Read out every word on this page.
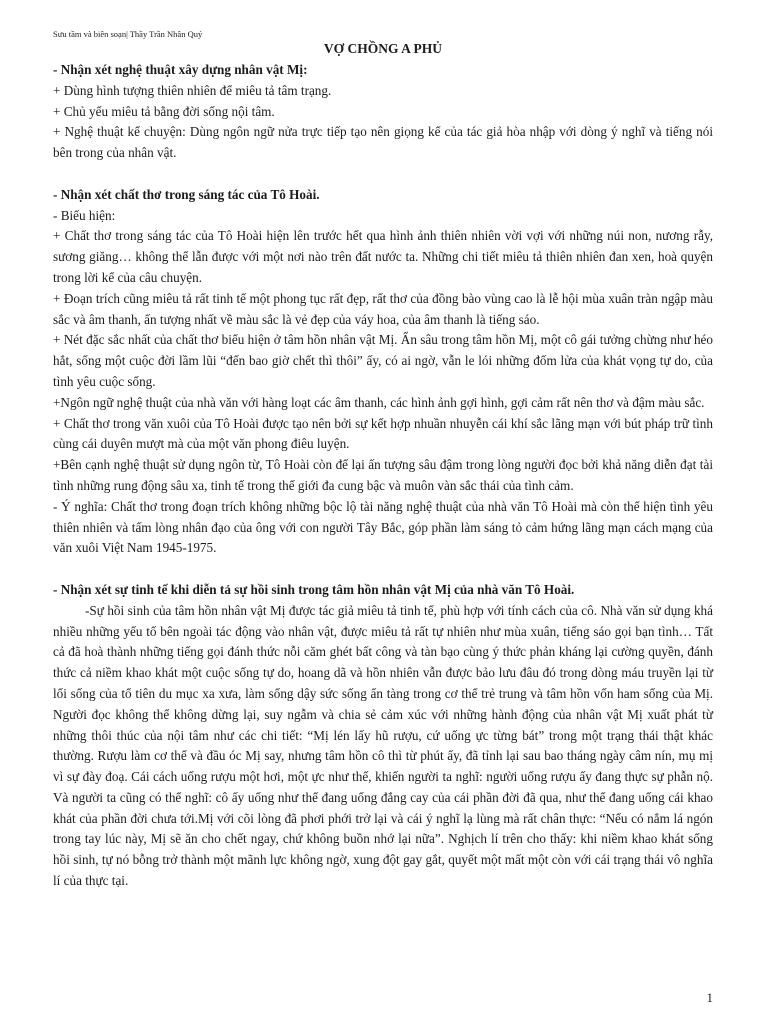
Sưu tầm và biên soạn| Thầy Trần Nhân Quý
VỢ CHỒNG A PHỦ
- Nhận xét nghệ thuật xây dựng nhân vật Mị:

+ Dùng hình tượng thiên nhiên để miêu tả tâm trạng.

+ Chủ yếu miêu tả bằng đời sống nội tâm.

+ Nghệ thuật kể chuyện: Dùng ngôn ngữ nửa trực tiếp tạo nên giọng kể của tác giả hòa nhập với dòng ý nghĩ và tiếng nói bên trong của nhân vật.

- Nhận xét chất thơ trong sáng tác của Tô Hoài.

- Biểu hiện:

+ Chất thơ trong sáng tác của Tô Hoài hiện lên trước hết qua hình ảnh thiên nhiên vời vợi với những núi non, nương rẫy, sương giăng… không thể lẫn được với một nơi nào trên đất nước ta. Những chi tiết miêu tả thiên nhiên đan xen, hoà quyện trong lời kể của câu chuyện.

+ Đoạn trích cũng miêu tả rất tinh tế một phong tục rất đẹp, rất thơ của đồng bào vùng cao là lễ hội mùa xuân tràn ngập màu sắc và âm thanh, ấn tượng nhất về màu sắc là vẻ đẹp của váy hoa, của âm thanh là tiếng sáo.

+ Nét đặc sắc nhất của chất thơ biểu hiện ở tâm hồn nhân vật Mị. Ẩn sâu trong tâm hồn Mị, một cô gái tưởng chừng như héo hắt, sống một cuộc đời lầm lũi “đến bao giờ chết thì thôi” ấy, có ai ngờ, vẫn le lói những đốm lửa của khát vọng tự do, của tình yêu cuộc sống.

+Ngôn ngữ nghệ thuật của nhà văn với hàng loạt các âm thanh, các hình ảnh gợi hình, gợi cảm rất nên thơ và đậm màu sắc.

+ Chất thơ trong văn xuôi của Tô Hoài được tạo nên bởi sự kết hợp nhuần nhuyễn cái khí sắc lãng mạn với bút pháp trữ tình cùng cái duyên mượt mà của một văn phong điêu luyện.

+Bên cạnh nghệ thuật sử dụng ngôn từ, Tô Hoài còn để lại ấn tượng sâu đậm trong lòng người đọc bởi khả năng diễn đạt tài tình những rung động sâu xa, tinh tế trong thế giới đa cung bậc và muôn vàn sắc thái của tình cảm.

- Ý nghĩa: Chất thơ trong đoạn trích không những bộc lộ tài năng nghệ thuật của nhà văn Tô Hoài mà còn thể hiện tình yêu thiên nhiên và tấm lòng nhân đạo của ông với con người Tây Bắc, góp phần làm sáng tỏ cảm hứng lãng mạn cách mạng của văn xuôi Việt Nam 1945-1975.

- Nhận xét sự tinh tế khi diễn tả sự hồi sinh trong tâm hồn nhân vật Mị của nhà văn Tô Hoài.

-Sự hồi sinh của tâm hồn nhân vật Mị được tác giả miêu tả tinh tế, phù hợp với tính cách của cô. Nhà văn sử dụng khá nhiều những yếu tố bên ngoài tác động vào nhân vật, được miêu tả rất tự nhiên như mùa xuân, tiếng sáo gọi bạn tình… Tất cả đã hoà thành những tiếng gọi đánh thức nỗi căm ghét bất công và tàn bạo cùng ý thức phản kháng lại cường quyền, đánh thức cả niềm khao khát một cuộc sống tự do, hoang dã và hồn nhiên vẫn được bảo lưu đâu đó trong dòng máu truyền lại từ lối sống của tổ tiên du mục xa xưa, làm sống dậy sức sống ẩn tàng trong cơ thể trẻ trung và tâm hồn vốn ham sống của Mị. Người đọc không thể không dừng lại, suy ngẫm và chia sẻ cảm xúc với những hành động của nhân vật Mị xuất phát từ những thôi thúc của nội tâm như các chi tiết: “Mị lén lấy hũ rượu, cứ uống ực từng bát” trong một trạng thái thật khác thường. Rượu làm cơ thể và đầu óc Mị say, nhưng tâm hồn cô thì từ phút ấy, đã tỉnh lại sau bao tháng ngày câm nín, mụ mị vì sự đày đoạ. Cái cách uống rượu một hơi, một ực như thế, khiến người ta nghĩ: người uống rượu ấy đang thực sự phẫn nộ. Và người ta cũng có thể nghĩ: cô ấy uống như thể đang uống đắng cay của cái phần đời đã qua, như thể đang uống cái khao khát của phần đời chưa tới.Mị với cõi lòng đã phơi phới trở lại và cái ý nghĩ lạ lùng mà rất chân thực: “Nếu có nắm lá ngón trong tay lúc này, Mị sẽ ăn cho chết ngay, chứ không buồn nhớ lại nữa”. Nghịch lí trên cho thấy: khi niềm khao khát sống hồi sinh, tự nó bỗng trở thành một mãnh lực không ngờ, xung đột gay gắt, quyết một mất một còn với cái trạng thái vô nghĩa lí của thực tại.

1
